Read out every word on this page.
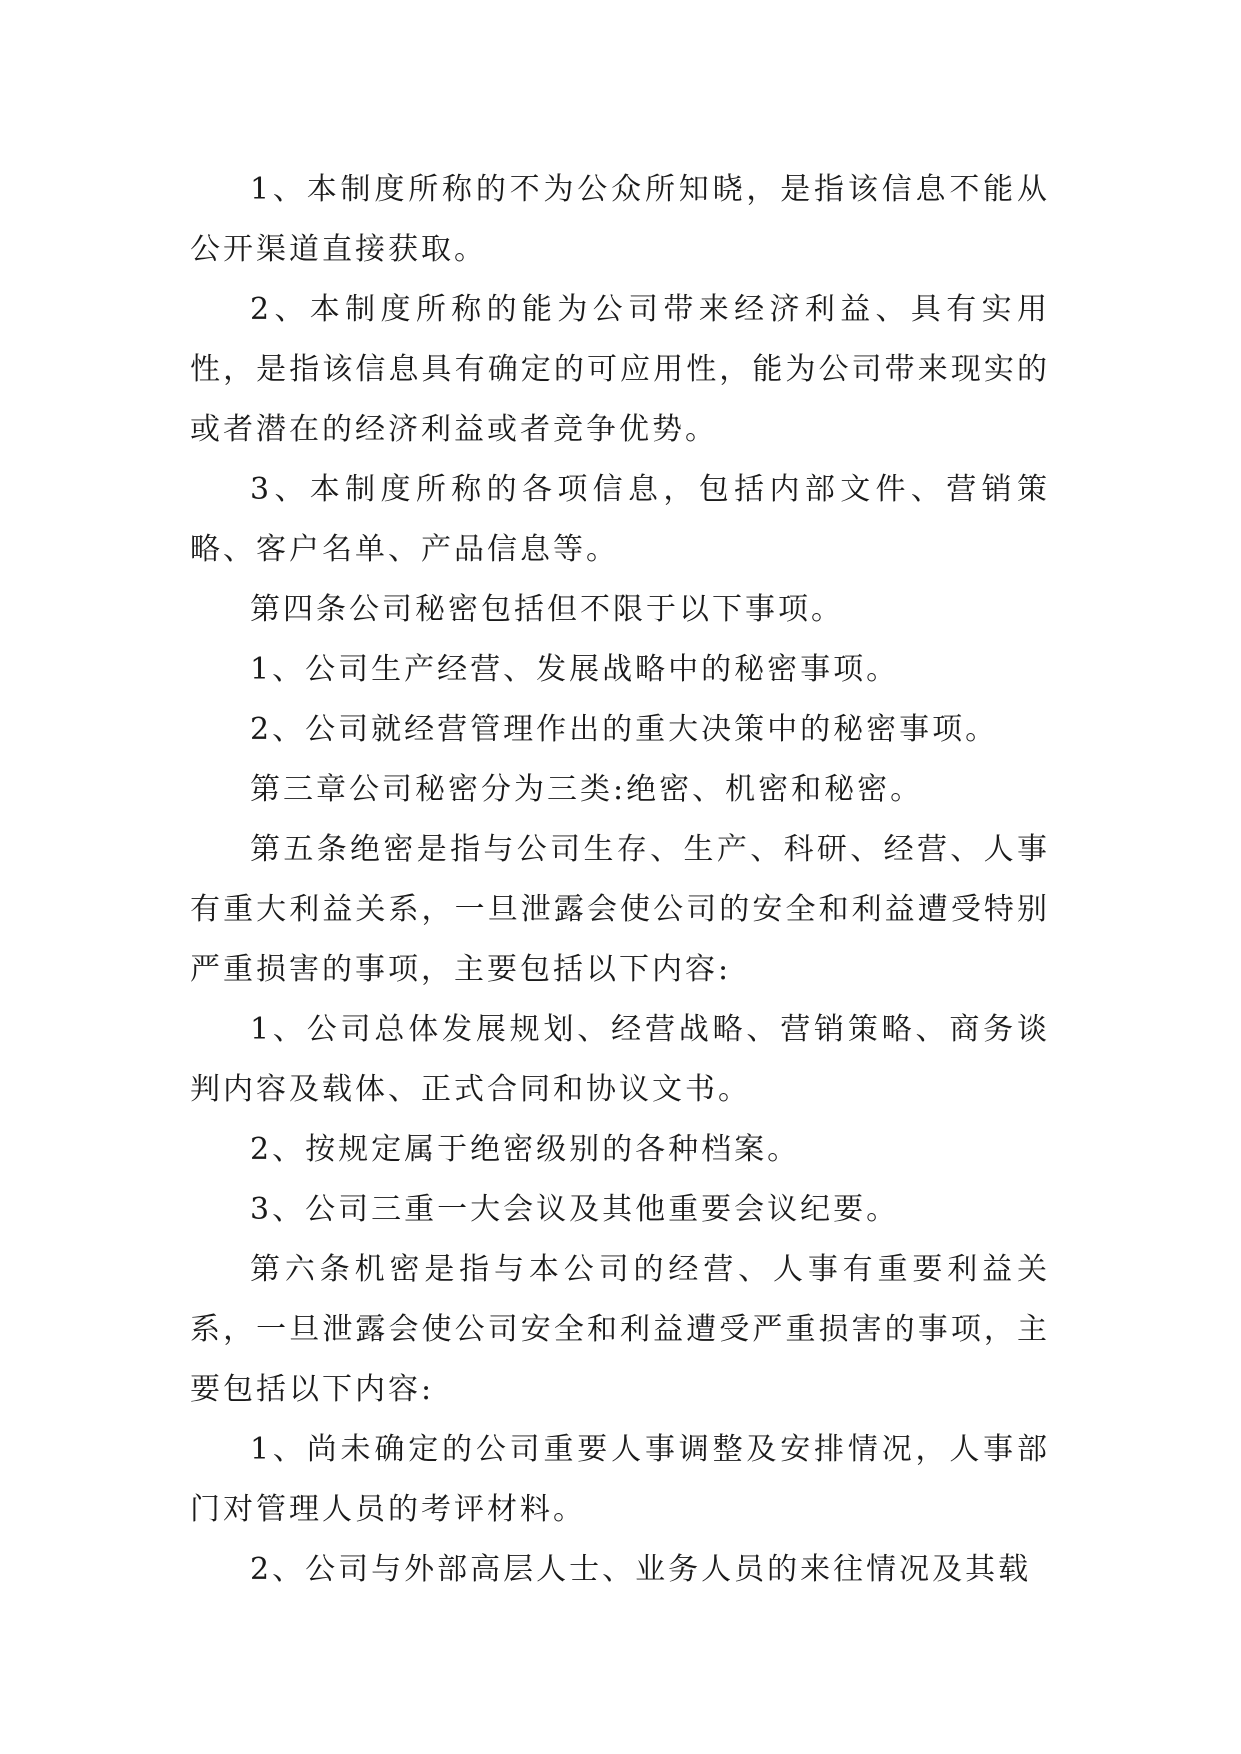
1、本制度所称的不为公众所知晓，是指该信息不能从公开渠道直接获取。

2、本制度所称的能为公司带来经济利益、具有实用性，是指该信息具有确定的可应用性，能为公司带来现实的或者潜在的经济利益或者竞争优势。

3、本制度所称的各项信息，包括内部文件、营销策略、客户名单、产品信息等。

第四条公司秘密包括但不限于以下事项。

1、公司生产经营、发展战略中的秘密事项。

2、公司就经营管理作出的重大决策中的秘密事项。

第三章公司秘密分为三类:绝密、机密和秘密。

第五条绝密是指与公司生存、生产、科研、经营、人事有重大利益关系，一旦泄露会使公司的安全和利益遭受特别严重损害的事项，主要包括以下内容:

1、公司总体发展规划、经营战略、营销策略、商务谈判内容及载体、正式合同和协议文书。

2、按规定属于绝密级别的各种档案。

3、公司三重一大会议及其他重要会议纪要。

第六条机密是指与本公司的经营、人事有重要利益关系，一旦泄露会使公司安全和利益遭受严重损害的事项，主要包括以下内容:

1、尚未确定的公司重要人事调整及安排情况，人事部门对管理人员的考评材料。

2、公司与外部高层人士、业务人员的来往情况及其载
